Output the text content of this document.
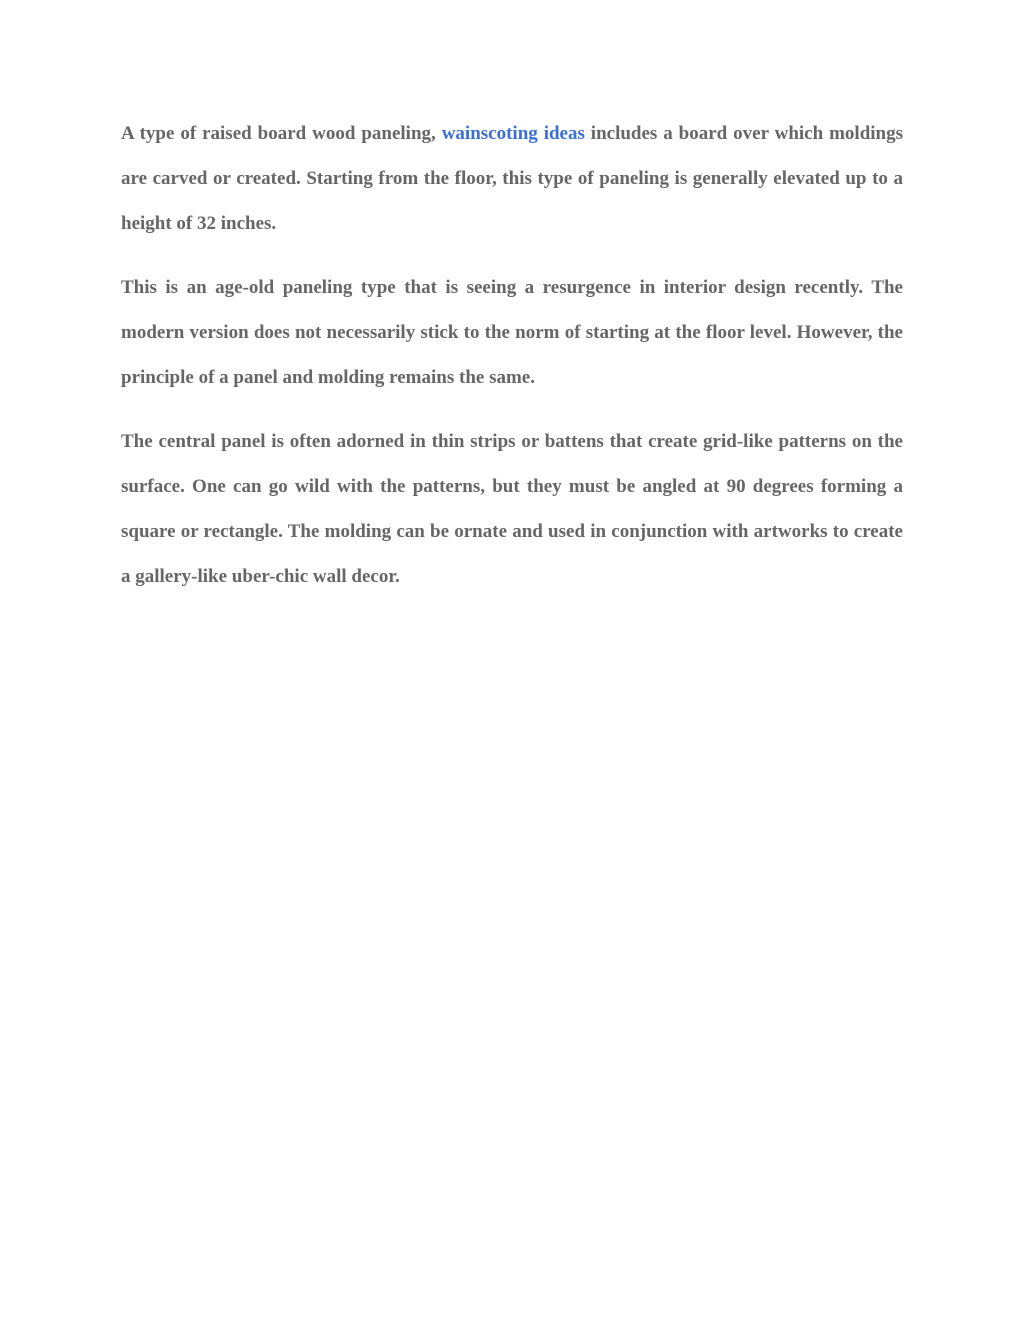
A type of raised board wood paneling, wainscoting ideas includes a board over which moldings are carved or created. Starting from the floor, this type of paneling is generally elevated up to a height of 32 inches.

This is an age-old paneling type that is seeing a resurgence in interior design recently. The modern version does not necessarily stick to the norm of starting at the floor level. However, the principle of a panel and molding remains the same.

The central panel is often adorned in thin strips or battens that create grid-like patterns on the surface. One can go wild with the patterns, but they must be angled at 90 degrees forming a square or rectangle. The molding can be ornate and used in conjunction with artworks to create a gallery-like uber-chic wall decor.
